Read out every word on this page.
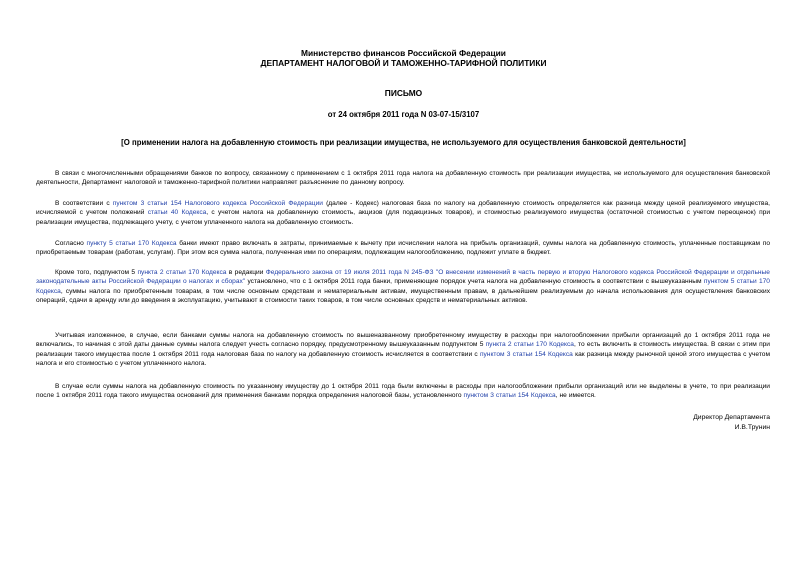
Министерство финансов Российской Федерации
ДЕПАРТАМЕНТ НАЛОГОВОЙ И ТАМОЖЕННО-ТАРИФНОЙ ПОЛИТИКИ
ПИСЬМО
от 24 октября 2011 года N 03-07-15/3107
[О применении налога на добавленную стоимость при реализации имущества, не используемого для осуществления банковской деятельности]

В связи с многочисленными обращениями банков по вопросу, связанному с применением с 1 октября 2011 года налога на добавленную стоимость при реализации имущества, не используемого для осуществления банковской деятельности, Департамент налоговой и таможенно-тарифной политики направляет разъяснение по данному вопросу.

В соответствии с пунктом 3 статьи 154 Налогового кодекса Российской Федерации (далее - Кодекс) налоговая база по налогу на добавленную стоимость определяется как разница между ценой реализуемого имущества, исчисляемой с учетом положений статьи 40 Кодекса, с учетом налога на добавленную стоимость, акцизов (для подакцизных товаров), и стоимостью реализуемого имущества (остаточной стоимостью с учетом переоценок) при реализации имущества, подлежащего учету, с учетом уплаченного налога на добавленную стоимость.

Согласно пункту 5 статьи 170 Кодекса банки имеют право включать в затраты, принимаемые к вычету при исчислении налога на прибыль организаций, суммы налога на добавленную стоимость, уплаченные поставщикам по приобретаемым товарам (работам, услугам). При этом вся сумма налога, полученная ими по операциям, подлежащим налогообложению, подлежит уплате в бюджет.

Кроме того, подпунктом 5 пункта 2 статьи 170 Кодекса в редакции Федерального закона от 19 июля 2011 года N 245-ФЗ "О внесении изменений в часть первую и вторую Налогового кодекса Российской Федерации и отдельные законодательные акты Российской Федерации о налогах и сборах" установлено, что с 1 октября 2011 года банки, применяющие порядок учета налога на добавленную стоимость в соответствии с вышеуказанным пунктом 5 статьи 170 Кодекса, суммы налога по приобретенным товарам, в том числе основным средствам и нематериальным активам, имущественным правам, в дальнейшем реализуемым до начала использования для осуществления банковских операций, сдачи в аренду или до введения в эксплуатацию, учитывают в стоимости таких товаров, в том числе основных средств и нематериальных активов.

Учитывая изложенное, в случае, если банками суммы налога на добавленную стоимость по вышеназванному приобретенному имуществу в расходы при налогообложении прибыли организаций до 1 октября 2011 года не включались, то начиная с этой даты данные суммы налога следует учесть согласно порядку, предусмотренному вышеуказанным подпунктом 5 пункта 2 статьи 170 Кодекса, то есть включить в стоимость имущества. В связи с этим при реализации такого имущества после 1 октября 2011 года налоговая база по налогу на добавленную стоимость исчисляется в соответствии с пунктом 3 статьи 154 Кодекса как разница между рыночной ценой этого имущества с учетом налога и его стоимостью с учетом уплаченного налога.

В случае если суммы налога на добавленную стоимость по указанному имуществу до 1 октября 2011 года были включены в расходы при налогообложении прибыли организаций или не выделены в учете, то при реализации после 1 октября 2011 года такого имущества оснований для применения банками порядка определения налоговой базы, установленного пунктом 3 статьи 154 Кодекса, не имеется.

Директор Департамента
И.В.Трунин
